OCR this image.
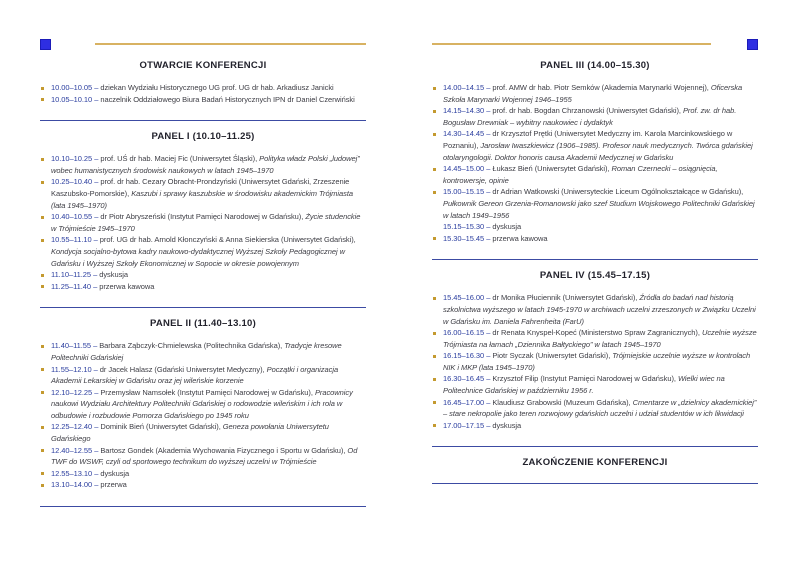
OTWARCIE KONFERENCJI
10.00–10.05 – dziekan Wydziału Historycznego UG prof. UG dr hab. Arkadiusz Janicki
10.05–10.10 – naczelnik Oddziałowego Biura Badań Historycznych IPN dr Daniel Czerwiński
PANEL I (10.10–11.25)
10.10–10.25 – prof. UŚ dr hab. Maciej Fic (Uniwersytet Śląski), Polityka władz Polski „ludowej” wobec humanistycznych środowisk naukowych w latach 1945–1970
10.25–10.40 – prof. dr hab. Cezary Obracht-Prondzyński (Uniwersytet Gdański, Zrzeszenie Kaszubsko-Pomorskie), Kaszubi i sprawy kaszubskie w środowisku akademickim Trójmiasta (lata 1945–1970)
10.40–10.55 – dr Piotr Abryszeński (Instytut Pamięci Narodowej w Gdańsku), Życie studenckie w Trójmieście 1945–1970
10.55–11.10 – prof. UG dr hab. Arnold Kłonczyński & Anna Siekierska (Uniwersytet Gdański), Kondycja socjalno-bytowa kadry naukowo-dydaktycznej Wyższej Szkoły Pedagogicznej w Gdańsku i Wyższej Szkoły Ekonomicznej w Sopocie w okresie powojennym
11.10–11.25 – dyskusja
11.25–11.40 – przerwa kawowa
PANEL II (11.40–13.10)
11.40–11.55 – Barbara Ząbczyk-Chmielewska (Politechnika Gdańska), Tradycje kresowe Politechniki Gdańskiej
11.55–12.10 – dr Jacek Halasz (Gdański Uniwersytet Medyczny), Początki i organizacja Akademii Lekarskiej w Gdańsku oraz jej wileńskie korzenie
12.10–12.25 – Przemysław Namsołek (Instytut Pamięci Narodowej w Gdańsku), Pracownicy naukowi Wydziału Architektury Politechniki Gdańskiej o rodowodzie wileńskim i ich rola w odbudowie i rozbudowie Pomorza Gdańskiego po 1945 roku
12.25–12.40 – Dominik Bień (Uniwersytet Gdański), Geneza powołania Uniwersytetu Gdańskiego
12.40–12.55 – Bartosz Gondek (Akademia Wychowania Fizycznego i Sportu w Gdańsku), Od TWF do WSWF, czyli od sportowego technikum do wyższej uczelni w Trójmieście
12.55–13.10 – dyskusja
13.10–14.00 – przerwa
PANEL III (14.00–15.30)
14.00–14.15 – prof. AMW dr hab. Piotr Semków (Akademia Marynarki Wojennej), Oficerska Szkoła Marynarki Wojennej 1946–1955
14.15–14.30 – prof. dr hab. Bogdan Chrzanowski (Uniwersytet Gdański), Prof. zw. dr hab. Bogusław Drewniak – wybitny naukowiec i dydaktyk
14.30–14.45 – dr Krzysztof Prętki (Uniwersytet Medyczny im. Karola Marcinkowskiego w Poznaniu), Jarosław Iwaszkiewicz (1906–1985). Profesor nauk medycznych. Twórca gdańskiej otolaryngologii. Doktor honoris causa Akademii Medycznej w Gdańsku
14.45–15.00 – Łukasz Bień (Uniwersytet Gdański), Roman Czernecki – osiągnięcia, kontrowersje, opinie
15.00–15.15 – dr Adrian Watkowski (Uniwersyteckie Liceum Ogólnokształcące w Gdańsku), Pułkownik Gereon Grzenia-Romanowski jako szef Studium Wojskowego Politechniki Gdańskiej w latach 1949–1956
15.15–15.30 – dyskusja
15.30–15.45 – przerwa kawowa
PANEL IV (15.45–17.15)
15.45–16.00 – dr Monika Płuciennik (Uniwersytet Gdański), Źródła do badań nad historią szkolnictwa wyższego w latach 1945-1970 w archiwach uczelni zrzeszonych w Związku Uczelni w Gdańsku im. Daniela Fahrenheita (FarU)
16.00–16.15 – dr Renata Knyspel-Kopeć (Ministerstwo Spraw Zagranicznych), Uczelnie wyższe Trójmiasta na łamach „Dziennika Bałtyckiego” w latach 1945–1970
16.15–16.30 – Piotr Syczak (Uniwersytet Gdański), Trójmiejskie uczelnie wyższe w kontrolach NIK i MKP (lata 1945–1970)
16.30–16.45 – Krzysztof Filip (Instytut Pamięci Narodowej w Gdańsku), Wielki wiec na Politechnice Gdańskiej w październiku 1956 r.
16.45–17.00 – Klaudiusz Grabowski (Muzeum Gdańska), Cmentarze w „dzielnicy akademickiej” – stare nekropolie jako teren rozwojowy gdańskich uczelni i udział studentów w ich likwidacji
17.00–17.15 – dyskusja
ZAKOŃCZENIE KONFERENCJI
